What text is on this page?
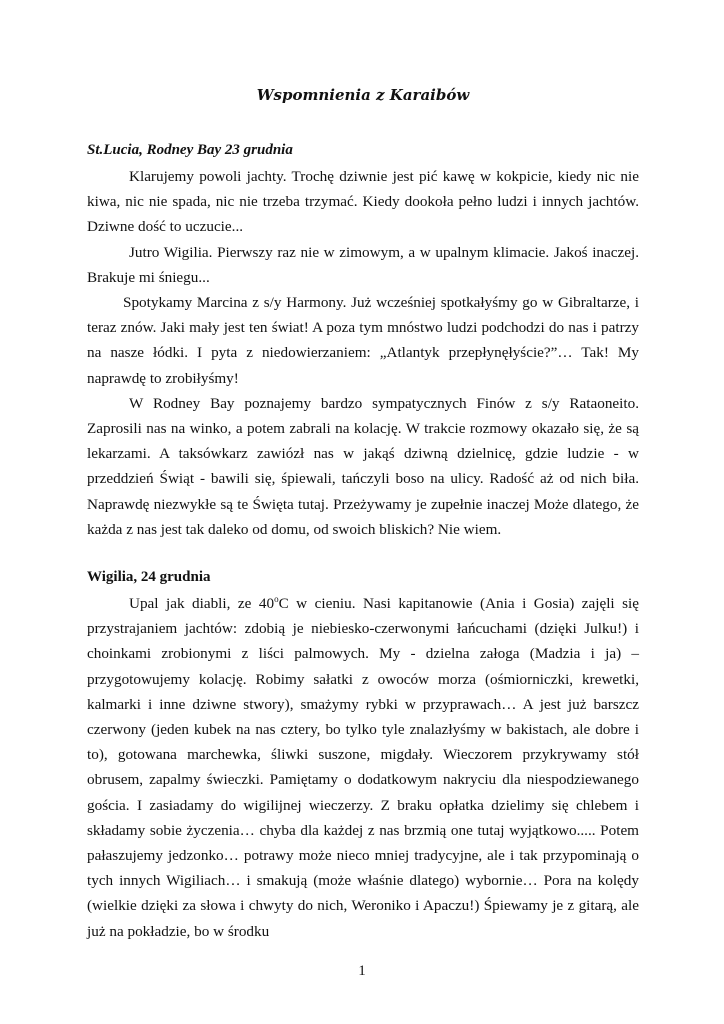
Wspomnienia z Karaibów
St.Lucia, Rodney Bay 23 grudnia

Klarujemy powoli jachty. Trochę dziwnie jest pić kawę w kokpicie, kiedy nic nie kiwa, nic nie spada, nic nie trzeba trzymać. Kiedy dookoła pełno ludzi i innych jachtów. Dziwne dość to uczucie...

Jutro Wigilia. Pierwszy raz nie w zimowym, a w upalnym klimacie. Jakoś inaczej. Brakuje mi śniegu...

Spotykamy Marcina z s/y Harmony. Już wcześniej spotkałyśmy go w Gibraltarze, i teraz znów. Jaki mały jest ten świat! A poza tym mnóstwo ludzi podchodzi do nas i patrzy na nasze łódki. I pyta z niedowierzaniem: „Atlantyk przepłynęłyście?”… Tak! My naprawdę to zrobiłyśmy!

W Rodney Bay poznajemy bardzo sympatycznych Finów z s/y Rataoneito. Zaprosili nas na winko, a potem zabrali na kolację. W trakcie rozmowy okazało się, że są lekarzami. A taksówkarz zawiózł nas w jakąś dziwną dzielnicę, gdzie ludzie - w przeddzień Świąt - bawili się, śpiewali, tańczyli boso na ulicy. Radość aż od nich biła. Naprawdę niezwykłe są te Święta tutaj. Przeżywamy je zupełnie inaczej Może dlatego, że każda z nas jest tak daleko od domu, od swoich bliskich? Nie wiem.

Wigilia, 24 grudnia

Upal jak diabli, ze 40$^o$C w cieniu. Nasi kapitanowie (Ania i Gosia) zajęli się przystrajaniem jachtów: zdobią je niebiesko-czerwonymi łańcuchami (dzięki Julku!) i choinkami zrobionymi z liści palmowych. My - dzielna załoga (Madzia i ja) – przygotowujemy kolację. Robimy sałatki z owoców morza (ośmiorniczki, krewetki, kalmarki i inne dziwne stwory), smażymy rybki w przyprawach… A jest już barszcz czerwony (jeden kubek na nas cztery, bo tylko tyle znalazłyśmy w bakistach, ale dobre i to), gotowana marchewka, śliwki suszone, migdały. Wieczorem przykrywamy stół obrusem, zapalmy świeczki. Pamiętamy o dodatkowym nakryciu dla niespodziewanego gościa. I zasiadamy do wigilijnej wieczerzy. Z braku opłatka dzielimy się chlebem i składamy sobie życzenia… chyba dla każdej z nas brzmią one tutaj wyjątkowo..... Potem pałaszujemy jedzonko… potrawy może nieco mniej tradycyjne, ale i tak przypominają o tych innych Wigiliach… i smakują (może właśnie dlatego) wybornie… Pora na kolędy (wielkie dzięki za słowa i chwyty do nich, Weroniko i Apaczu!) Śpiewamy je z gitarą, ale już na pokładzie, bo w środku

1
